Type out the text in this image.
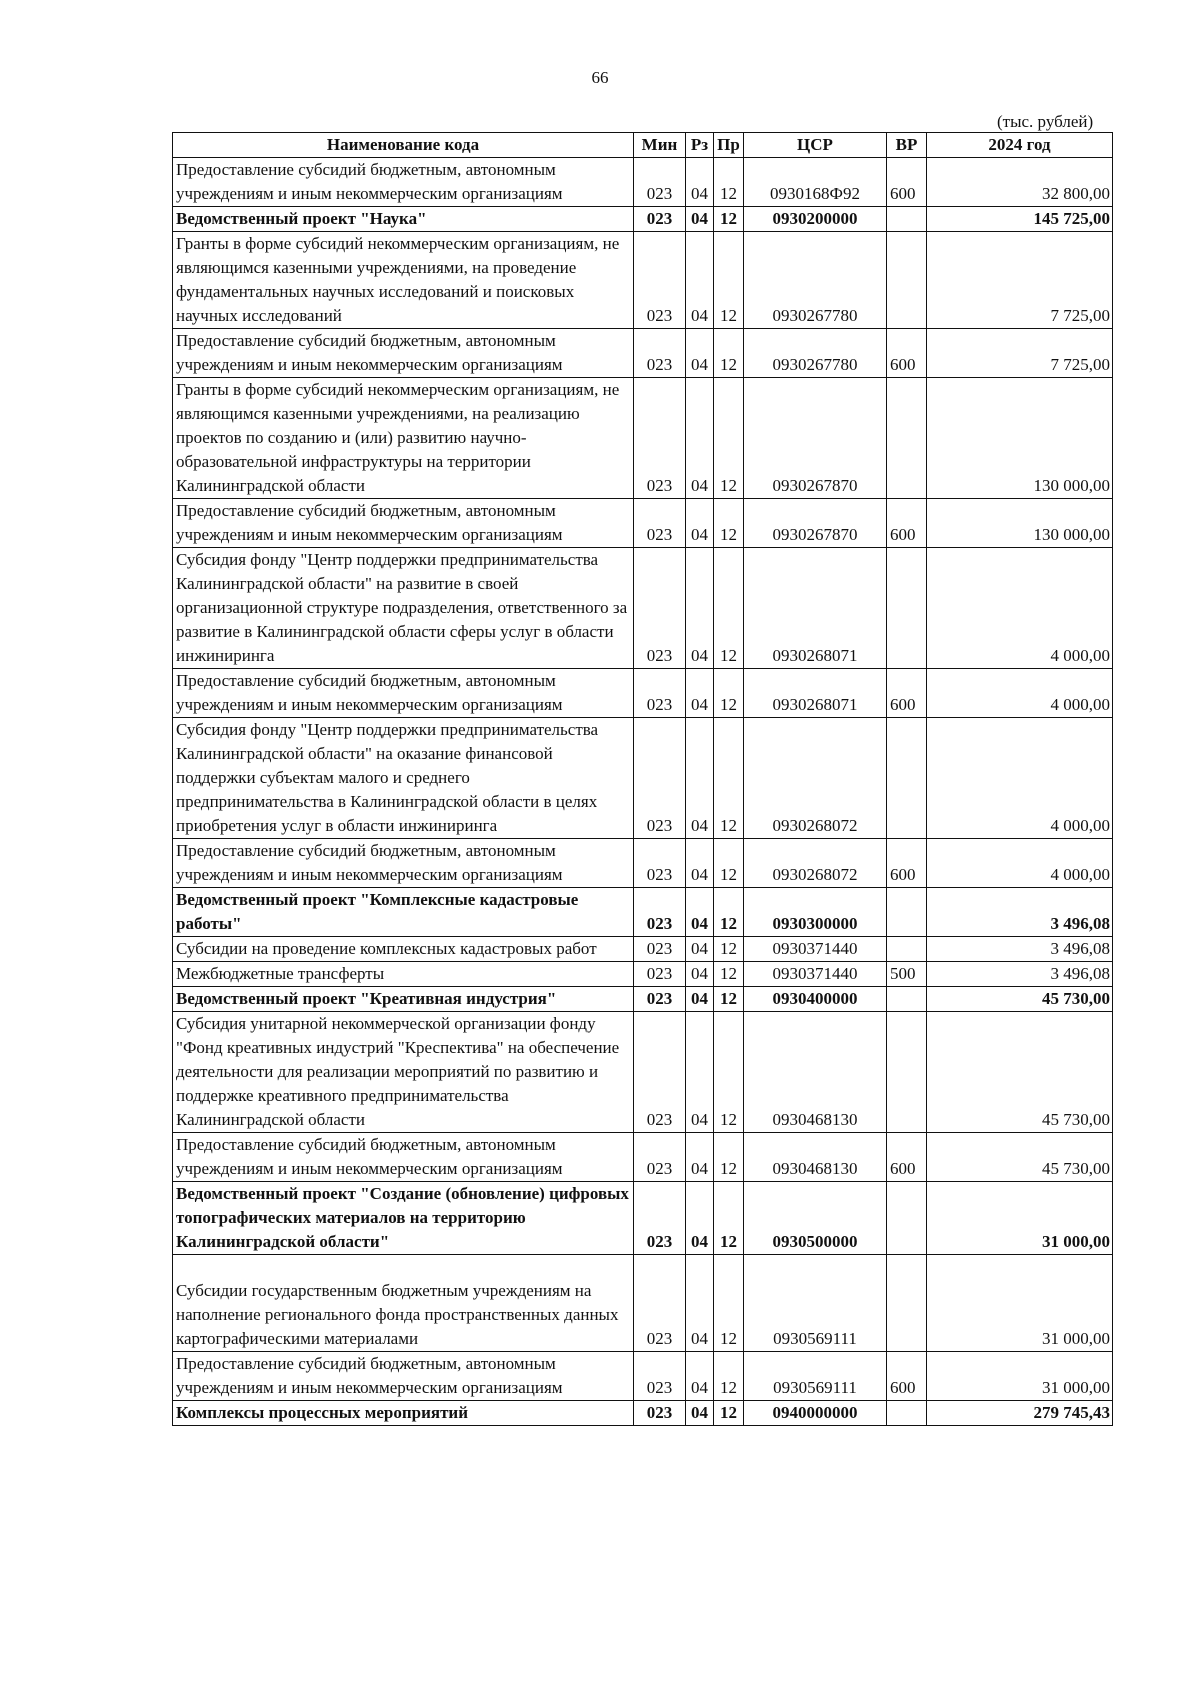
66
(тыс. рублей)
Наименование кода	Мин	Рз	Пр	ЦСР	ВР	2024 год
Предоставление субсидий бюджетным, автономным учреждениям и иным некоммерческим организациям	023	04	12	0930168Ф92	600	32 800,00
Ведомственный проект "Наука"	023	04	12	0930200000		145 725,00
Гранты в форме субсидий некоммерческим организациям, не являющимся казенными учреждениями, на проведение фундаментальных научных исследований и поисковых научных исследований	023	04	12	0930267780		7 725,00
Предоставление субсидий бюджетным, автономным учреждениям и иным некоммерческим организациям	023	04	12	0930267780	600	7 725,00
Гранты в форме субсидий некоммерческим организациям, не являющимся казенными учреждениями, на реализацию проектов по созданию и (или) развитию научно-образовательной инфраструктуры на территории Калининградской области	023	04	12	0930267870		130 000,00
Предоставление субсидий бюджетным, автономным учреждениям и иным некоммерческим организациям	023	04	12	0930267870	600	130 000,00
Субсидия фонду "Центр поддержки предпринимательства Калининградской области" на развитие в своей организационной структуре подразделения, ответственного за развитие в Калининградской области сферы услуг в области инжиниринга	023	04	12	0930268071		4 000,00
Предоставление субсидий бюджетным, автономным учреждениям и иным некоммерческим организациям	023	04	12	0930268071	600	4 000,00
Субсидия фонду "Центр поддержки предпринимательства Калининградской области" на оказание финансовой поддержки субъектам малого и среднего предпринимательства в Калининградской области в целях приобретения услуг в области инжиниринга	023	04	12	0930268072		4 000,00
Предоставление субсидий бюджетным, автономным учреждениям и иным некоммерческим организациям	023	04	12	0930268072	600	4 000,00
Ведомственный проект "Комплексные кадастровые работы"	023	04	12	0930300000		3 496,08
Субсидии на проведение комплексных кадастровых работ	023	04	12	0930371440		3 496,08
Межбюджетные трансферты	023	04	12	0930371440	500	3 496,08
Ведомственный проект "Креативная индустрия"	023	04	12	0930400000		45 730,00
Субсидия унитарной некоммерческой организации фонду "Фонд креативных индустрий "Креспектива" на обеспечение деятельности для реализации мероприятий по развитию и поддержке креативного предпринимательства Калининградской области	023	04	12	0930468130		45 730,00
Предоставление субсидий бюджетным, автономным учреждениям и иным некоммерческим организациям	023	04	12	0930468130	600	45 730,00
Ведомственный проект "Создание (обновление) цифровых топографических материалов на территорию Калининградской области"	023	04	12	0930500000		31 000,00
Субсидии государственным бюджетным учреждениям на наполнение регионального фонда пространственных данных картографическими материалами	023	04	12	0930569111		31 000,00
Предоставление субсидий бюджетным, автономным учреждениям и иным некоммерческим организациям	023	04	12	0930569111	600	31 000,00
Комплексы процессных мероприятий	023	04	12	0940000000		279 745,43
